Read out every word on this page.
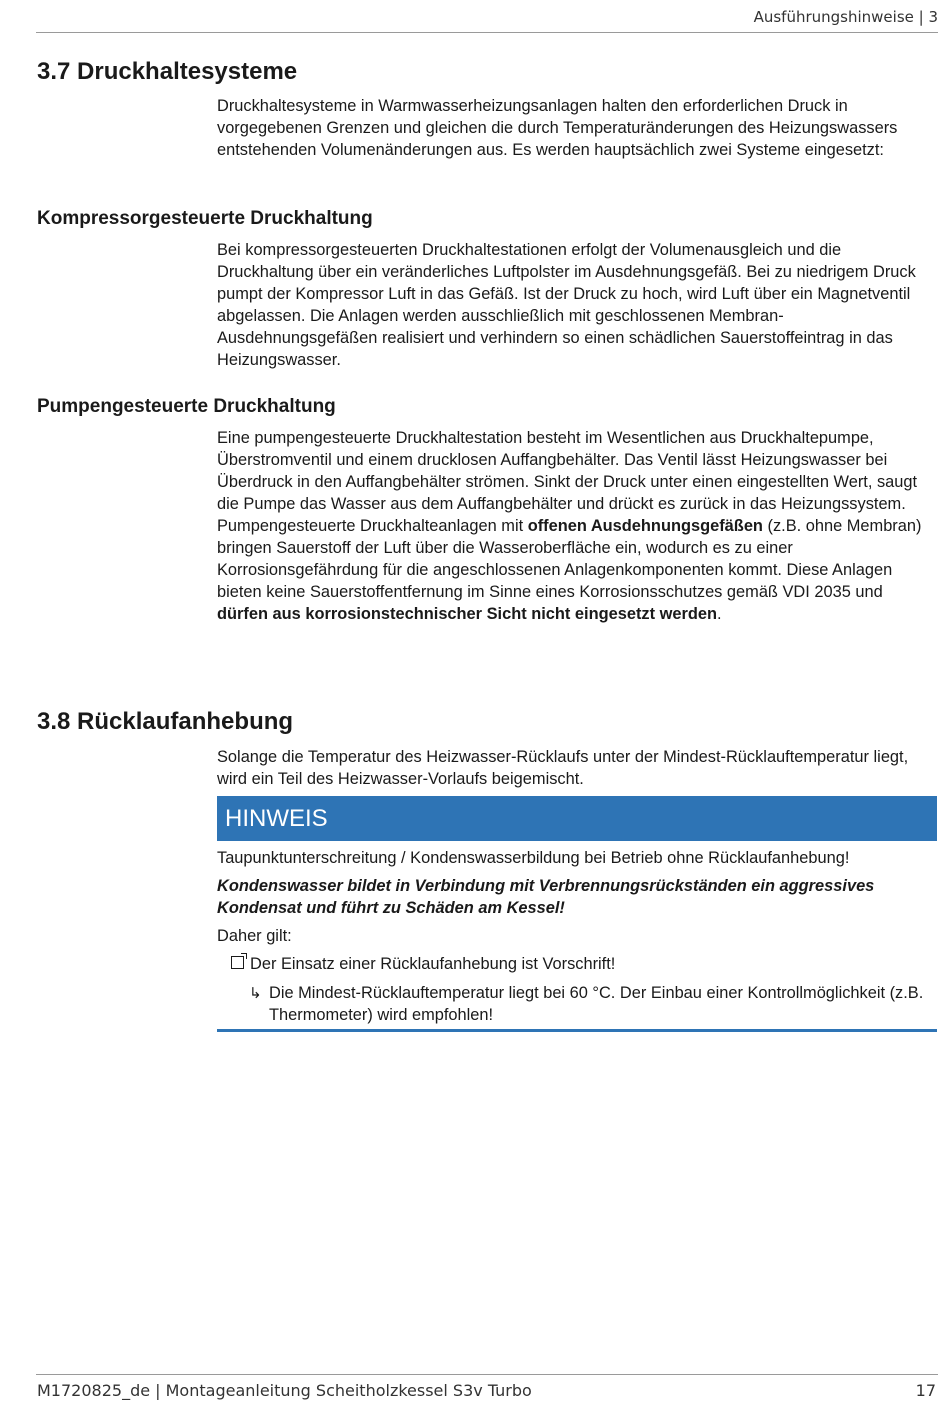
Ausführungshinweise | 3
3.7 Druckhaltesysteme

Druckhaltesysteme in Warmwasserheizungsanlagen halten den erforderlichen Druck in vorgegebenen Grenzen und gleichen die durch Temperaturänderungen des Heizungswassers entstehenden Volumenänderungen aus. Es werden hauptsächlich zwei Systeme eingesetzt:

Kompressorgesteuerte Druckhaltung

Bei kompressorgesteuerten Druckhaltestationen erfolgt der Volumenausgleich und die Druckhaltung über ein veränderliches Luftpolster im Ausdehnungsgefäß. Bei zu niedrigem Druck pumpt der Kompressor Luft in das Gefäß. Ist der Druck zu hoch, wird Luft über ein Magnetventil abgelassen. Die Anlagen werden ausschließlich mit geschlossenen Membran-Ausdehnungsgefäßen realisiert und verhindern so einen schädlichen Sauerstoffeintrag in das Heizungswasser.

Pumpengesteuerte Druckhaltung

Eine pumpengesteuerte Druckhaltestation besteht im Wesentlichen aus Druckhaltepumpe, Überstromventil und einem drucklosen Auffangbehälter. Das Ventil lässt Heizungswasser bei Überdruck in den Auffangbehälter strömen. Sinkt der Druck unter einen eingestellten Wert, saugt die Pumpe das Wasser aus dem Auffangbehälter und drückt es zurück in das Heizungssystem. Pumpengesteuerte Druckhalteanlagen mit offenen Ausdehnungsgefäßen (z.B. ohne Membran) bringen Sauerstoff der Luft über die Wasseroberfläche ein, wodurch es zu einer Korrosionsgefährdung für die angeschlossenen Anlagenkomponenten kommt. Diese Anlagen bieten keine Sauerstoffentfernung im Sinne eines Korrosionsschutzes gemäß VDI 2035 und dürfen aus korrosionstechnischer Sicht nicht eingesetzt werden.

3.8 Rücklaufanhebung

Solange die Temperatur des Heizwasser-Rücklaufs unter der Mindest-Rücklauftemperatur liegt, wird ein Teil des Heizwasser-Vorlaufs beigemischt.

HINWEIS

Taupunktunterschreitung / Kondenswasserbildung bei Betrieb ohne Rücklaufanhebung!

Kondenswasser bildet in Verbindung mit Verbrennungsrückständen ein aggressives Kondensat und führt zu Schäden am Kessel!

Daher gilt:

Der Einsatz einer Rücklaufanhebung ist Vorschrift!
↳ Die Mindest-Rücklauftemperatur liegt bei 60 °C. Der Einbau einer Kontrollmöglichkeit (z.B. Thermometer) wird empfohlen!
M1720825_de | Montageanleitung Scheitholzkessel S3v Turbo	17
